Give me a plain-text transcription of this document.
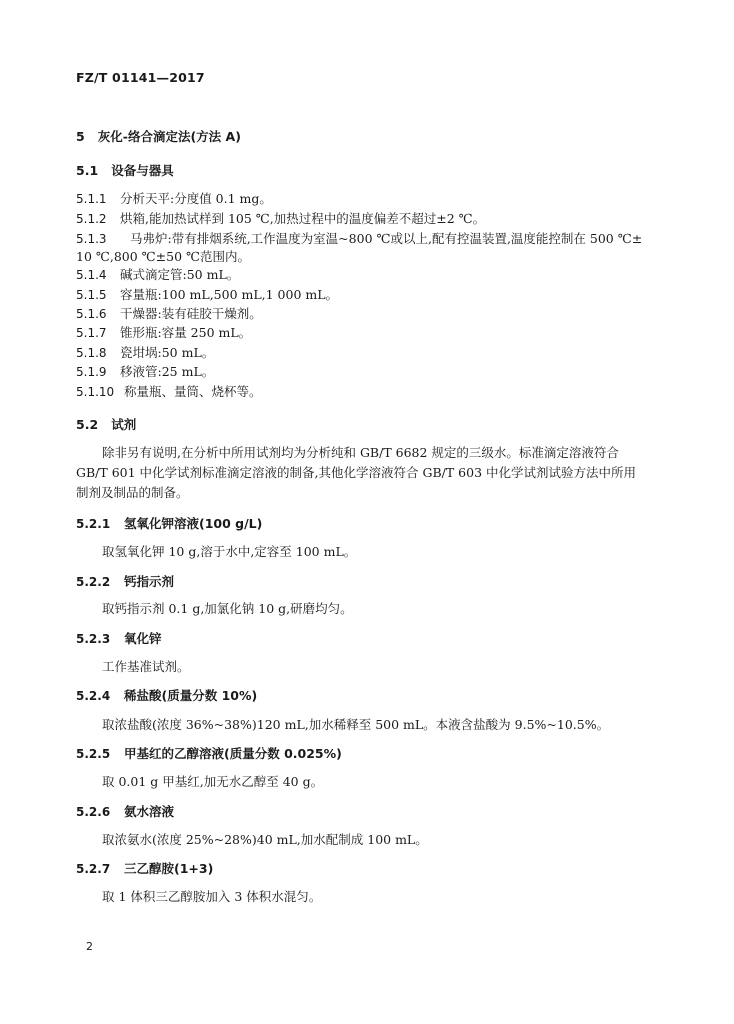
FZ/T 01141—2017
5 灰化-络合滴定法(方法 A)
5.1 设备与器具
5.1.1 分析天平:分度值 0.1 mg。
5.1.2 烘箱,能加热试样到 105 ℃,加热过程中的温度偏差不超过±2 ℃。
5.1.3 马弗炉:带有排烟系统,工作温度为室温~800 ℃或以上,配有控温装置,温度能控制在 500 ℃±
10 ℃,800 ℃±50 ℃范围内。
5.1.4 碱式滴定管:50 mL。
5.1.5 容量瓶:100 mL,500 mL,1 000 mL。
5.1.6 干燥器:装有硅胶干燥剂。
5.1.7 锥形瓶:容量 250 mL。
5.1.8 瓷坩埚:50 mL。
5.1.9 移液管:25 mL。
5.1.10 称量瓶、量筒、烧杯等。
5.2 试剂
除非另有说明,在分析中所用试剂均为分析纯和 GB/T 6682 规定的三级水。标准滴定溶液符合
GB/T 601 中化学试剂标准滴定溶液的制备,其他化学溶液符合 GB/T 603 中化学试剂试验方法中所用
制剂及制品的制备。
5.2.1 氢氧化钾溶液(100 g/L)
取氢氧化钾 10 g,溶于水中,定容至 100 mL。
5.2.2 钙指示剂
取钙指示剂 0.1 g,加氯化钠 10 g,研磨均匀。
5.2.3 氧化锌
工作基准试剂。
5.2.4 稀盐酸(质量分数 10%)
取浓盐酸(浓度 36%~38%)120 mL,加水稀释至 500 mL。本液含盐酸为 9.5%~10.5%。
5.2.5 甲基红的乙醇溶液(质量分数 0.025%)
取 0.01 g 甲基红,加无水乙醇至 40 g。
5.2.6 氨水溶液
取浓氨水(浓度 25%~28%)40 mL,加水配制成 100 mL。
5.2.7 三乙醇胺(1+3)
取 1 体积三乙醇胺加入 3 体积水混匀。
2
